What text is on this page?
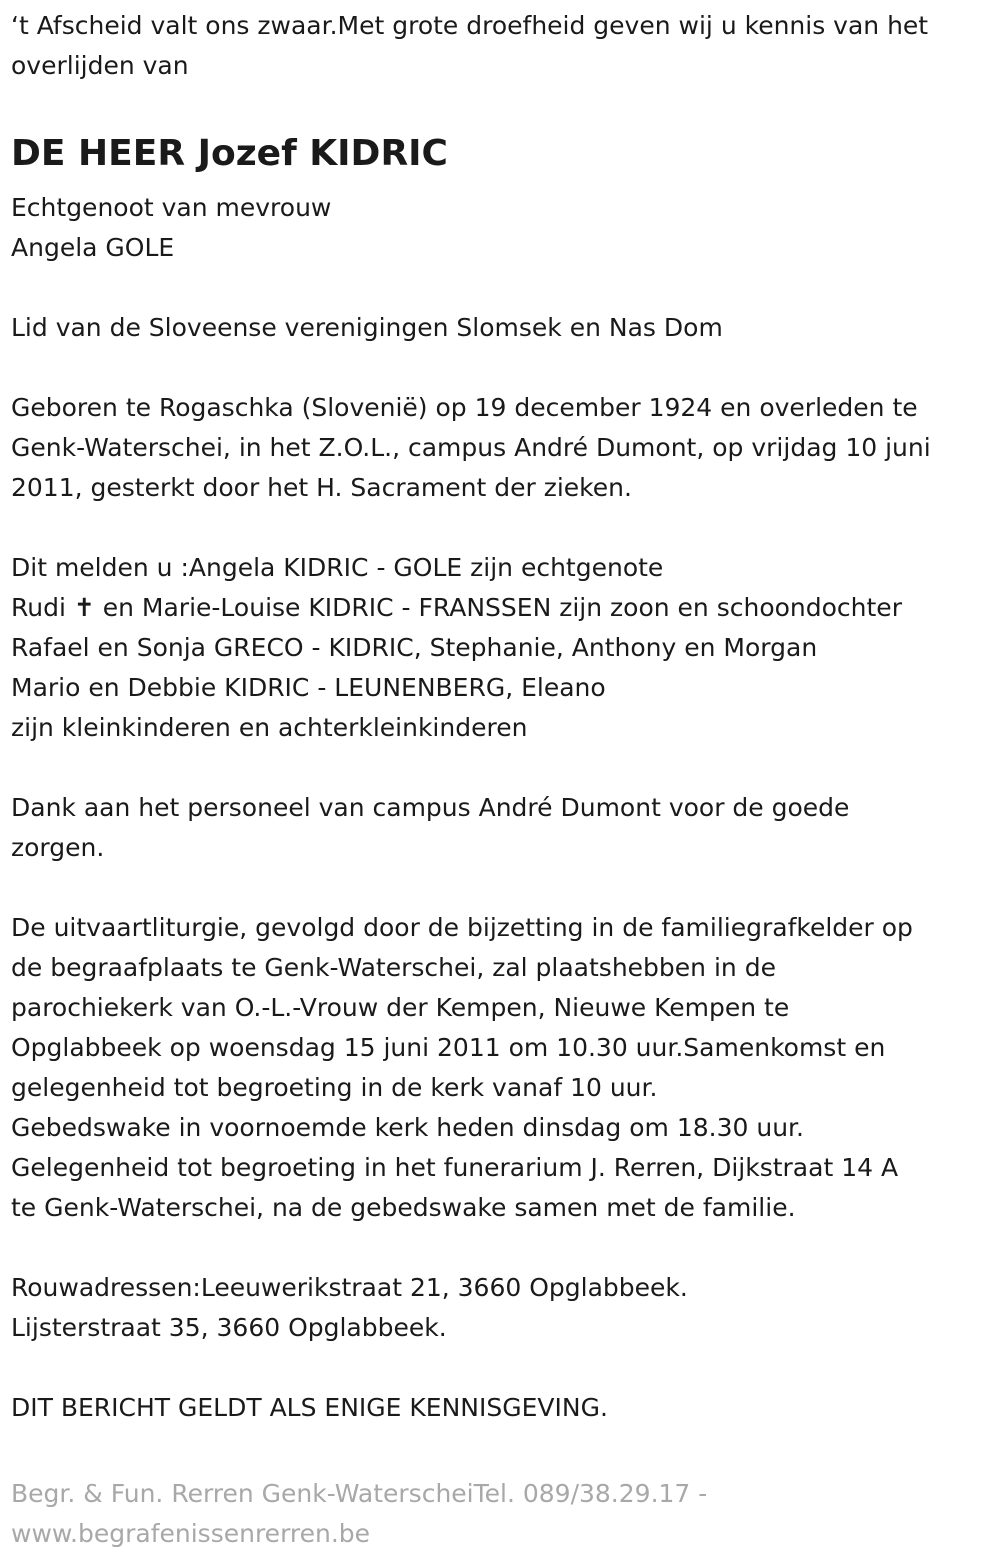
‘t Afscheid valt ons zwaar.Met grote droefheid geven wij u kennis van het
overlijden van
DE HEER Jozef KIDRIC
Echtgenoot van mevrouw
Angela GOLE
Lid van de Sloveense verenigingen Slomsek en Nas Dom
Geboren te Rogaschka (Slovenië) op 19 december 1924 en overleden te
Genk-Waterschei, in het Z.O.L., campus André Dumont, op vrijdag 10 juni
2011, gesterkt door het H. Sacrament der zieken.
Dit melden u :Angela KIDRIC - GOLE zijn echtgenote
Rudi ✝ en Marie-Louise KIDRIC - FRANSSEN zijn zoon en schoondochter
Rafael en Sonja GRECO - KIDRIC, Stephanie, Anthony en Morgan
Mario en Debbie KIDRIC - LEUNENBERG, Eleano
zijn kleinkinderen en achterkleinkinderen
Dank aan het personeel van campus André Dumont voor de goede
zorgen.
De uitvaartliturgie, gevolgd door de bijzetting in de familiegrafkelder op
de begraafplaats te Genk-Waterschei, zal plaatshebben in de
parochiekerk van O.-L.-Vrouw der Kempen, Nieuwe Kempen te
Opglabbeek op woensdag 15 juni 2011 om 10.30 uur.Samenkomst en
gelegenheid tot begroeting in de kerk vanaf 10 uur.
Gebedswake in voornoemde kerk heden dinsdag om 18.30 uur.
Gelegenheid tot begroeting in het funerarium J. Rerren, Dijkstraat 14 A
te Genk-Waterschei, na de gebedswake samen met de familie.
Rouwadressen:Leeuwerikstraat 21, 3660 Opglabbeek.
Lijsterstraat 35, 3660 Opglabbeek.
DIT BERICHT GELDT ALS ENIGE KENNISGEVING.
Begr. & Fun. Rerren Genk-WaterscheiTel. 089/38.29.17 -
www.begrafenissenrerren.be
